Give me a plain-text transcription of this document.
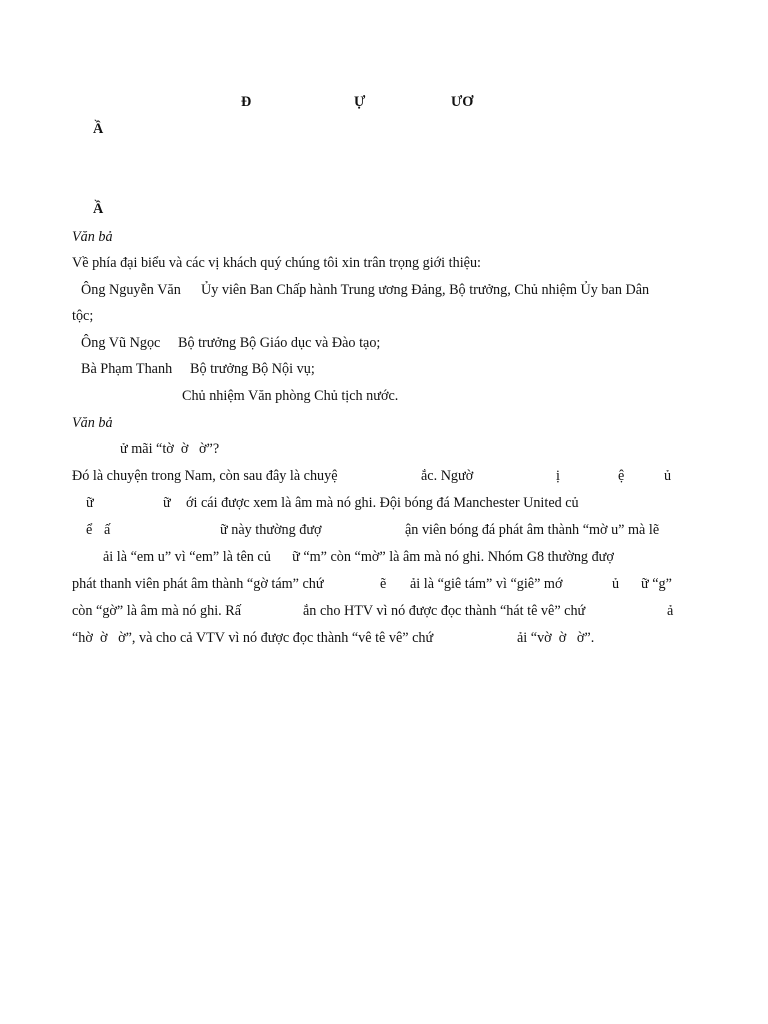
Đ	Ự	ƯƠ
Ầ
Ầ
Văn bả
Về phía đại biểu và các vị khách quý chúng tôi xin trân trọng giới thiệu:
Ông Nguyễn Văn Ủy viên Ban Chấp hành Trung ương Đảng, Bộ trưởng, Chủ nhiệm Ủy ban Dân
tộc;
Ông Vũ Ngọc Bộ trưởng Bộ Giáo dục và Đào tạo;
Bà Phạm Thanh Bộ trưởng Bộ Nội vụ;
Chủ nhiệm Văn phòng Chủ tịch nước.
Văn bả
ử mãi “tờ  ờ   ờ”?
Đó là chuyện trong Nam, còn sau đây là chuyệ	ắc. Ngườ	ị	ệ	ủ
ữ	ữ ới cái được xem là âm mà nó ghi. Đội bóng đá Manchester United củ
ể ấ	ữ này thường đượ	ận viên bóng đá phát âm thành “mờ u” mà lẽ
ải là “em u” vì “em” là tên củ      ữ “m” còn “mờ” là âm mà nó ghi. Nhóm G8 thường đượ
phát thanh viên phát âm thành “gờ tám” chứ	ẽ ải là “giê tám” vì “giê” mớ	ủ ữ “g”
còn “gờ” là âm mà nó ghi. Rấ	ắn cho HTV vì nó được đọc thành “hát tê vê” chứ	ả
“hờ  ờ   ờ”, và cho cả VTV vì nó được đọc thành “vê tê vê” chứ	ải “vờ  ờ   ờ”.
